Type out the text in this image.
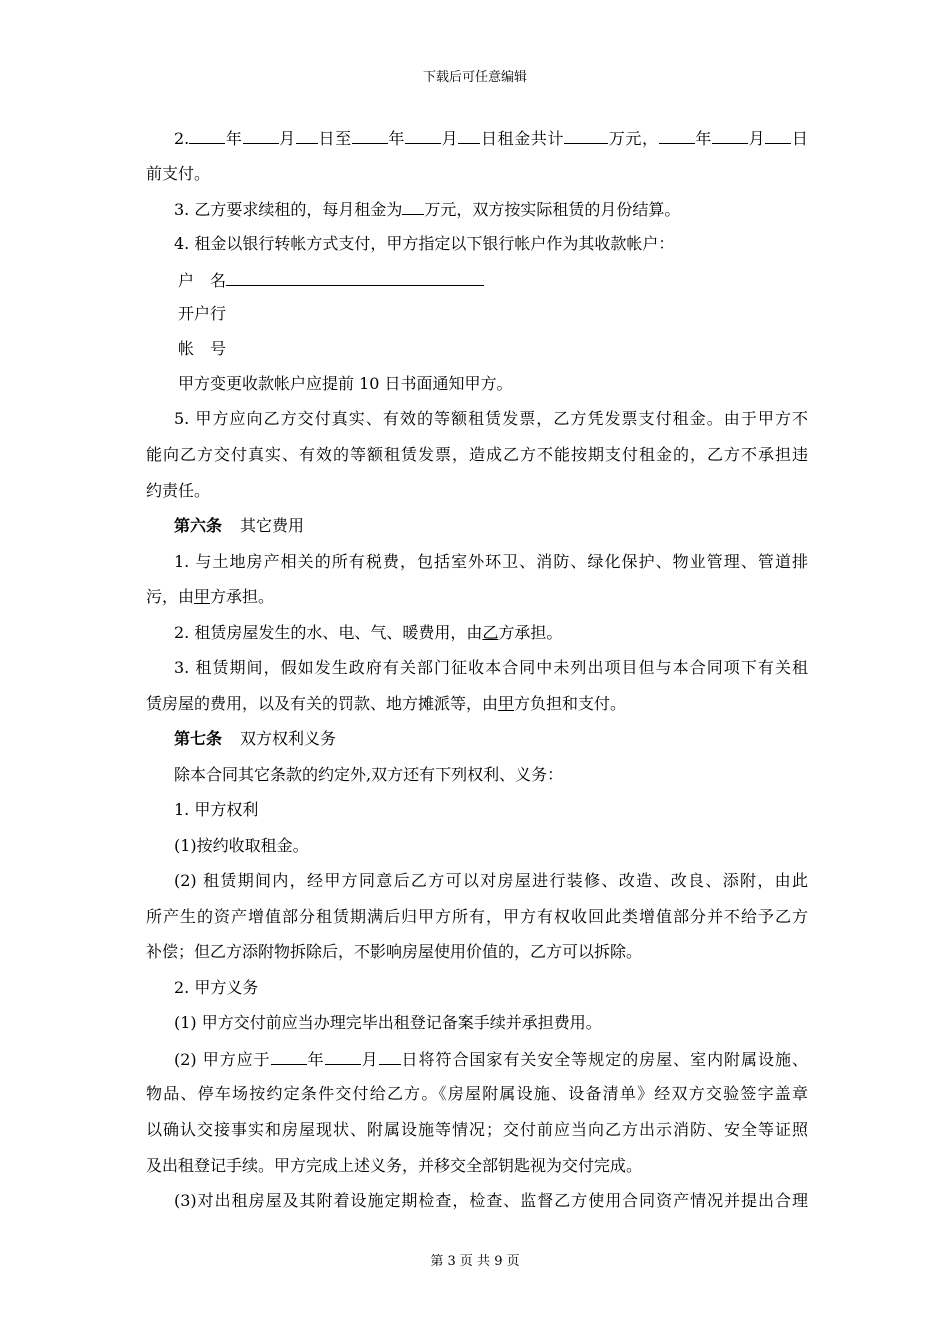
下载后可任意编辑
2. 年 月 日至 年 月 日租金共计	万元， 年 月 日
前支付。
3. 乙方要求续租的，每月租金为 万元，双方按实际租赁的月份结算。
4. 租金以银行转帐方式支付，甲方指定以下银行帐户作为其收款帐户：
户　名
开户行
帐　号
甲方变更收款帐户应提前 10 日书面通知甲方。
5. 甲方应向乙方交付真实、有效的等额租赁发票，乙方凭发票支付租金。由于甲方不
能向乙方交付真实、有效的等额租赁发票，造成乙方不能按期支付租金的，乙方不承担违
约责任。
第六条 其它费用
1. 与土地房产相关的所有税费，包括室外环卫、消防、绿化保护、物业管理、管道排
污，由甲方承担。
2. 租赁房屋发生的水、电、气、暖费用，由乙方承担。
3. 租赁期间，假如发生政府有关部门征收本合同中未列出项目但与本合同项下有关租
赁房屋的费用，以及有关的罚款、地方摊派等，由甲方负担和支付。
第七条 双方权利义务
除本合同其它条款的约定外,双方还有下列权利、义务：
1. 甲方权利
(1)按约收取租金。
(2) 租赁期间内，经甲方同意后乙方可以对房屋进行装修、改造、改良、添附，由此
所产生的资产增值部分租赁期满后归甲方所有，甲方有权收回此类增值部分并不给予乙方
补偿；但乙方添附物拆除后，不影响房屋使用价值的，乙方可以拆除。
2. 甲方义务
(1) 甲方交付前应当办理完毕出租登记备案手续并承担费用。
(2) 甲方应于 年 月 日将符合国家有关安全等规定的房屋、室内附属设施、
物品、停车场按约定条件交付给乙方。《房屋附属设施、设备清单》经双方交验签字盖章
以确认交接事实和房屋现状、附属设施等情况；交付前应当向乙方出示消防、安全等证照
及出租登记手续。甲方完成上述义务，并移交全部钥匙视为交付完成。
(3)对出租房屋及其附着设施定期检查，检查、监督乙方使用合同资产情况并提出合理
第 3 页 共 9 页
